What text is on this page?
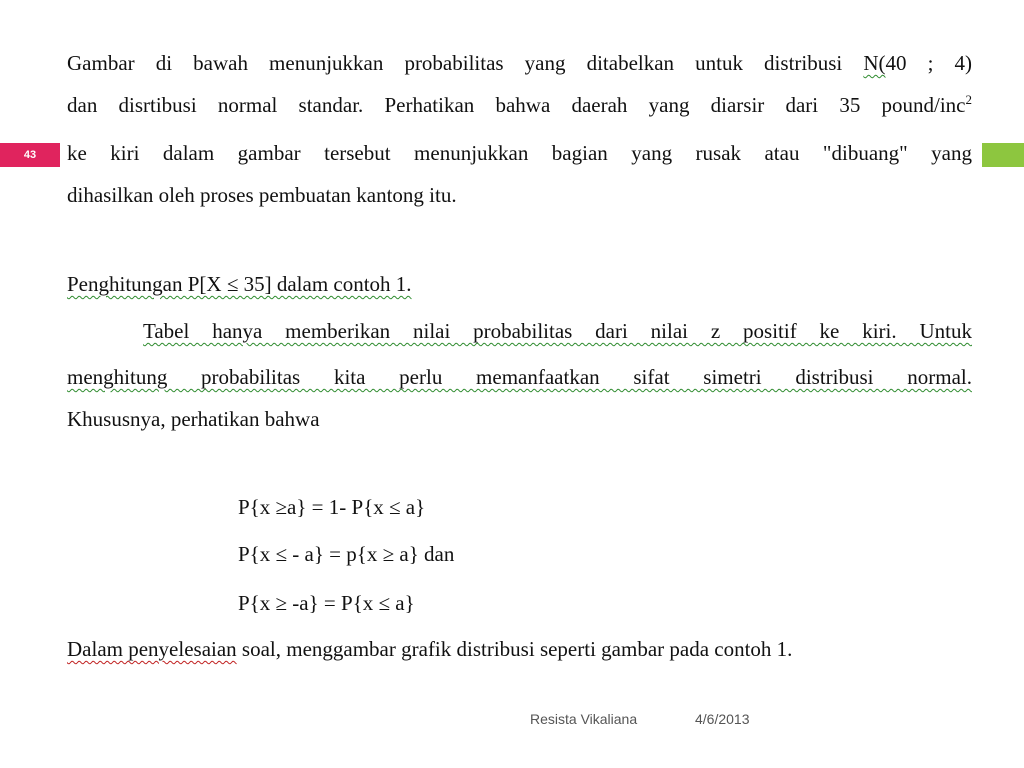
43
Gambar di bawah menunjukkan probabilitas yang ditabelkan untuk distribusi N(40 ; 4)
dan disrtibusi normal standar. Perhatikan bahwa daerah yang diarsir dari 35 pound/inc$^2$
ke kiri dalam gambar tersebut menunjukkan bagian yang rusak atau "dibuang" yang
dihasilkan oleh proses pembuatan kantong itu.
Penghitungan P[X ≤ 35] dalam contoh 1.
Tabel hanya memberikan nilai probabilitas dari nilai z positif ke kiri. Untuk
menghitung probabilitas kita perlu memanfaatkan sifat simetri distribusi normal.
Khususnya, perhatikan bahwa
P{x ≥a} = 1- P{x ≤ a}
P{x ≤ - a} = p{x ≥ a} dan
P{x ≥ -a} = P{x ≤ a}
Dalam penyelesaian soal, menggambar grafik distribusi seperti gambar pada contoh 1.
Resista Vikaliana	4/6/2013
